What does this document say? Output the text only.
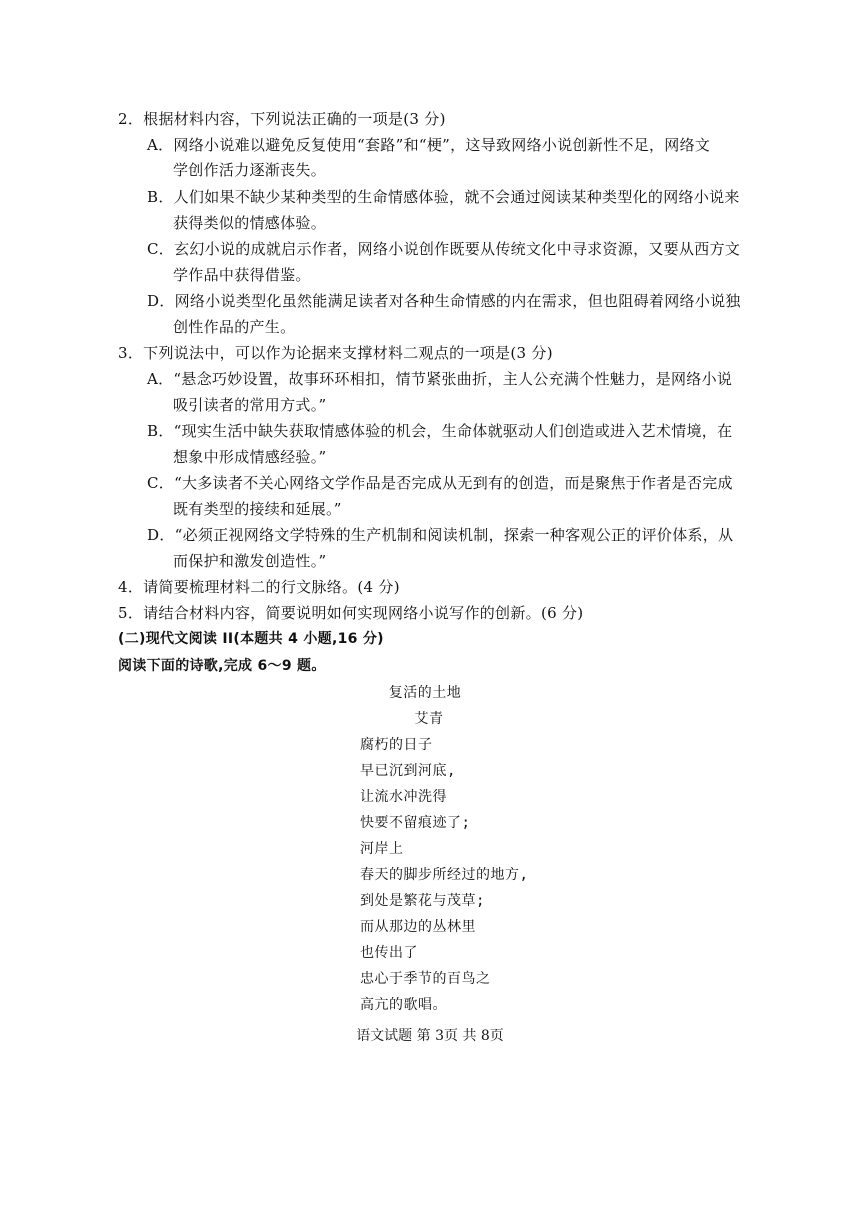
2．根据材料内容，下列说法正确的一项是(3 分)
A．网络小说难以避免反复使用“套路”和“梗”，这导致网络小说创新性不足，网络文
学创作活力逐渐丧失。
B．人们如果不缺少某种类型的生命情感体验，就不会通过阅读某种类型化的网络小说来
获得类似的情感体验。
C．玄幻小说的成就启示作者，网络小说创作既要从传统文化中寻求资源，又要从西方文
学作品中获得借鉴。
D．网络小说类型化虽然能满足读者对各种生命情感的内在需求，但也阻碍着网络小说独
创性作品的产生。
3．下列说法中，可以作为论据来支撑材料二观点的一项是(3 分)
A．“悬念巧妙设置，故事环环相扣，情节紧张曲折，主人公充满个性魅力，是网络小说
吸引读者的常用方式。”
B．“现实生活中缺失获取情感体验的机会，生命体就驱动人们创造或进入艺术情境，在
想象中形成情感经验。”
C．“大多读者不关心网络文学作品是否完成从无到有的创造，而是聚焦于作者是否完成
既有类型的接续和延展。”
D．“必须正视网络文学特殊的生产机制和阅读机制，探索一种客观公正的评价体系，从
而保护和激发创造性。”
4．请简要梳理材料二的行文脉络。(4 分)
5．请结合材料内容，简要说明如何实现网络小说写作的创新。(6 分)
(二)现代文阅读 II(本题共 4 小题,16 分)
阅读下面的诗歌,完成 6～9 题。
复活的土地
艾青
腐朽的日子
早已沉到河底,
让流水冲洗得
快要不留痕迹了;
河岸上
春天的脚步所经过的地方,
到处是繁花与茂草;
而从那边的丛林里
也传出了
忠心于季节的百鸟之
高亢的歌唱。
语文试题 第 3页 共 8页
